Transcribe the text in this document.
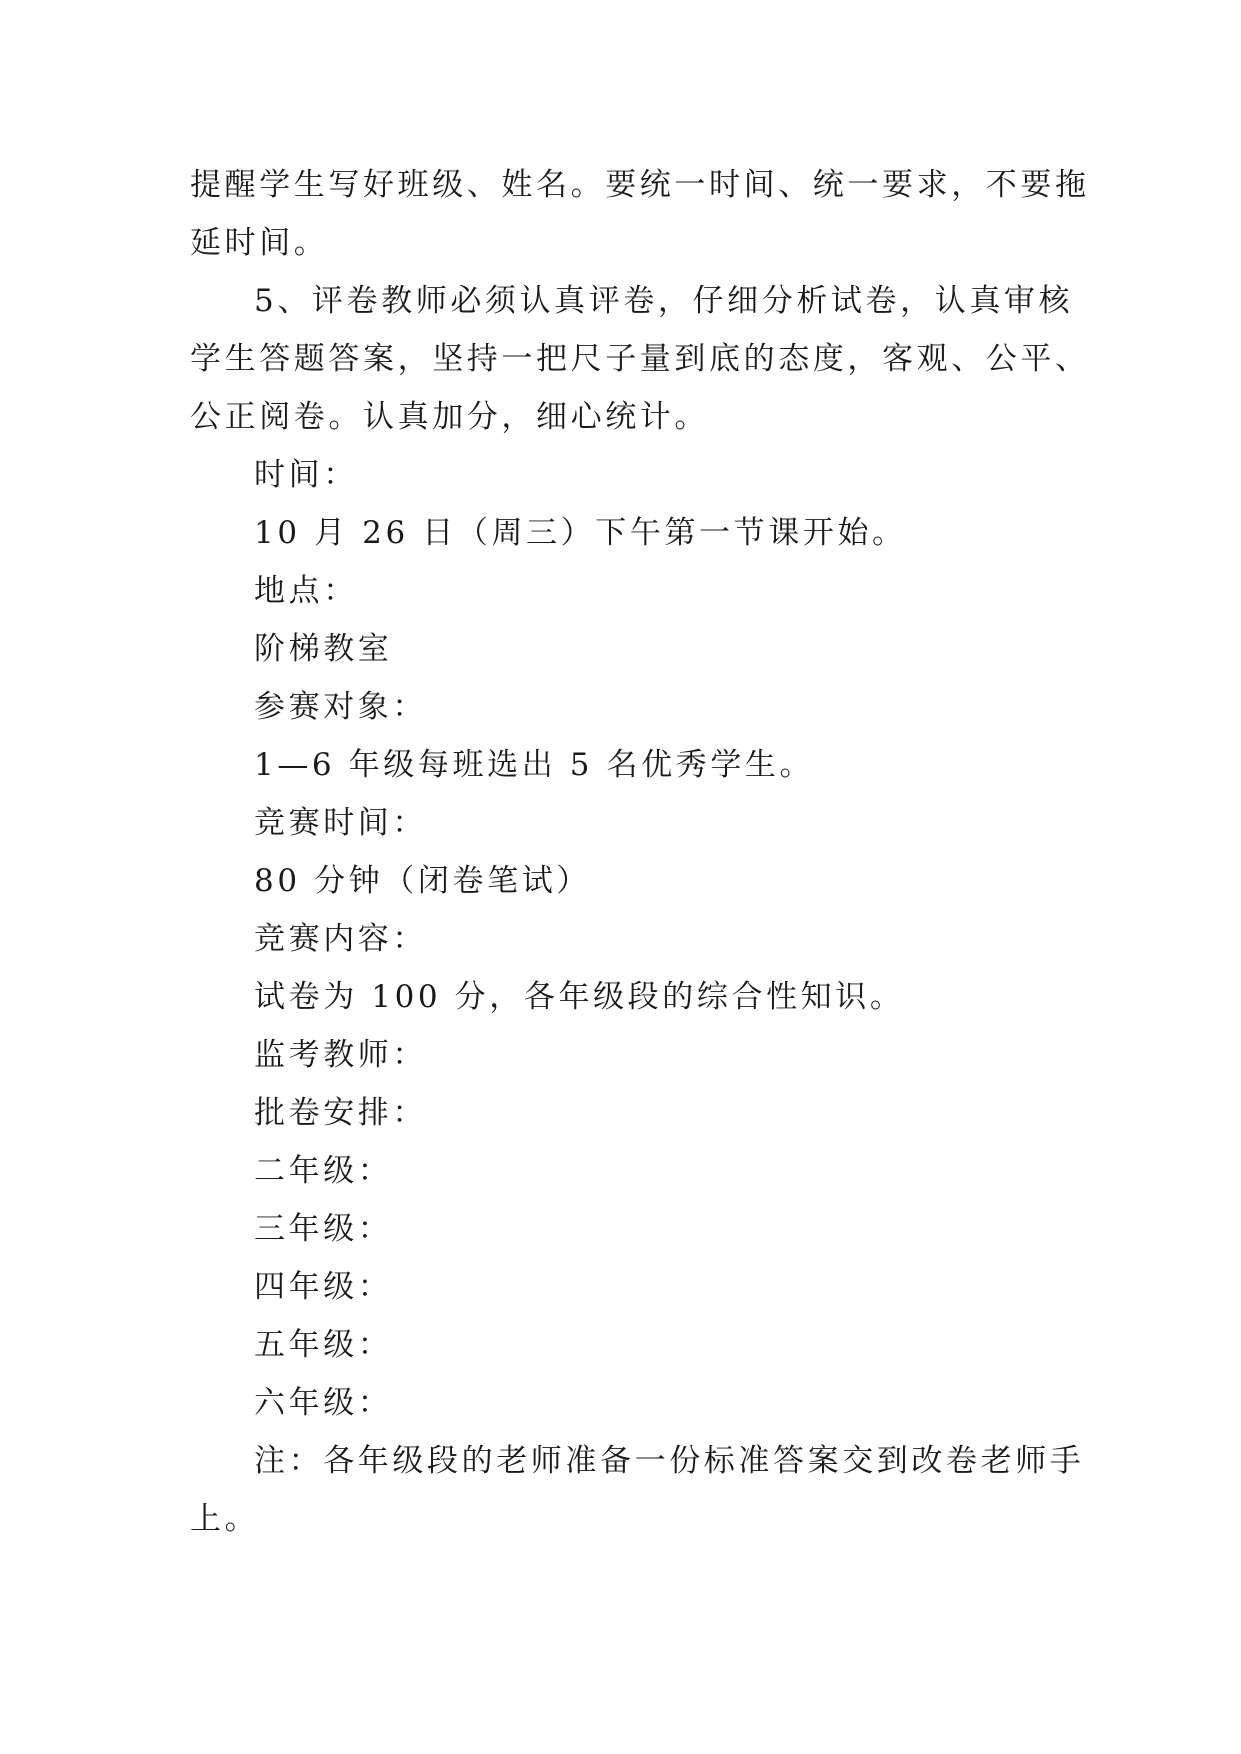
提醒学生写好班级、姓名。要统一时间、统一要求，不要拖
延时间。
5、评卷教师必须认真评卷，仔细分析试卷，认真审核
学生答题答案，坚持一把尺子量到底的态度，客观、公平、
公正阅卷。认真加分，细心统计。
时间：
10 月 26 日（周三）下午第一节课开始。
地点：
阶梯教室
参赛对象：
1—6 年级每班选出 5 名优秀学生。
竞赛时间：
80 分钟（闭卷笔试）
竞赛内容：
试卷为 100 分，各年级段的综合性知识。
监考教师：
批卷安排：
二年级：
三年级：
四年级：
五年级：
六年级：
注：各年级段的老师准备一份标准答案交到改卷老师手
上。
